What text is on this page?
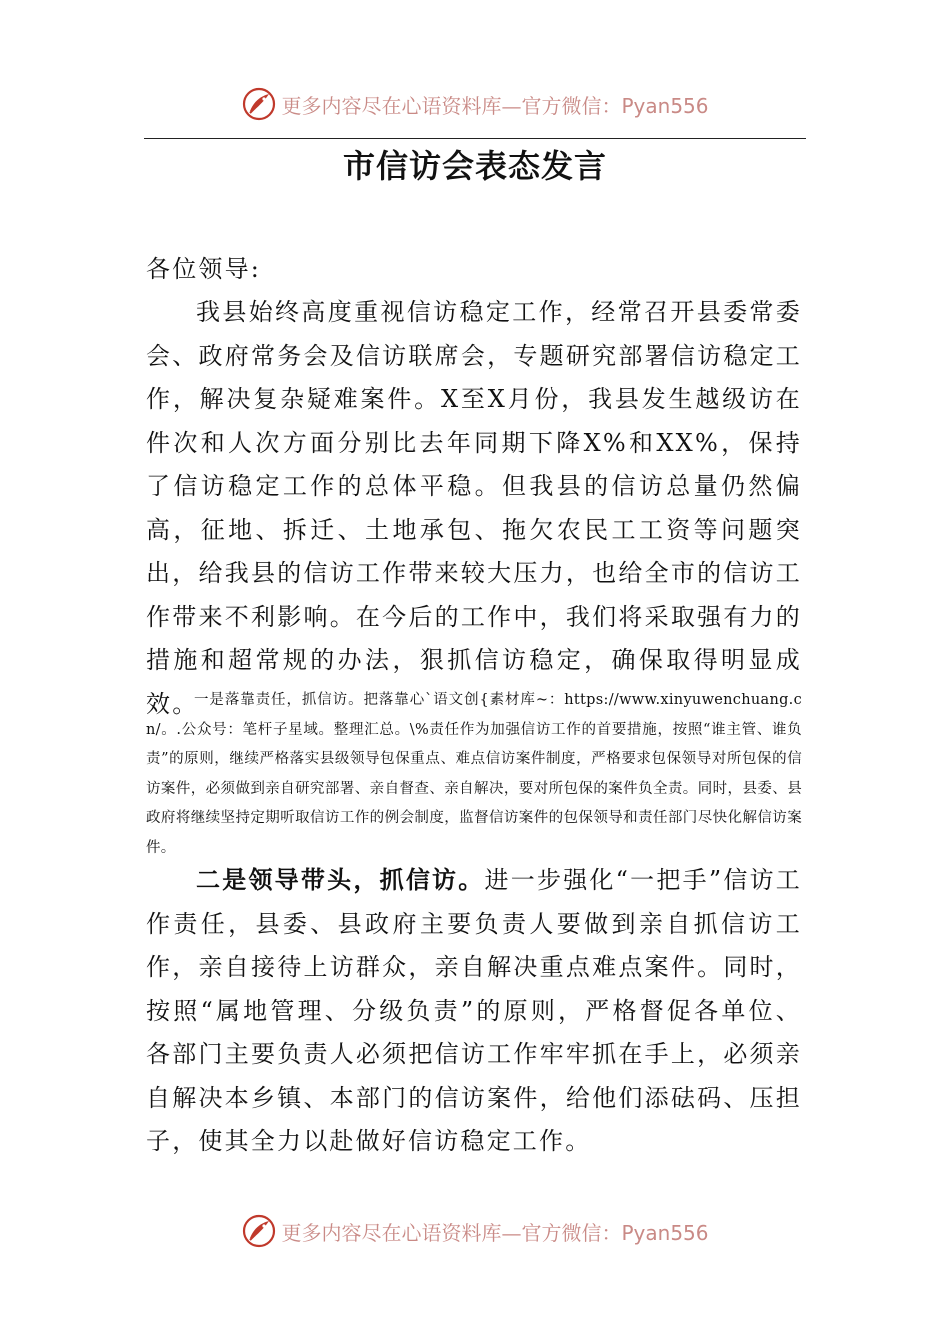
更多内容尽在心语资料库—官方微信：Pyan556
市信访会表态发言
各位领导:
我县始终高度重视信访稳定工作，经常召开县委常委会、政府常务会及信访联席会，专题研究部署信访稳定工作，解决复杂疑难案件。X至X月份，我县发生越级访在件次和人次方面分别比去年同期下降X%和XX%，保持了信访稳定工作的总体平稳。但我县的信访总量仍然偏高，征地、拆迁、土地承包、拖欠农民工工资等问题突出，给我县的信访工作带来较大压力，也给全市的信访工作带来不利影响。在今后的工作中，我们将采取强有力的措施和超常规的办法，狠抓信访稳定，确保取得明显成效。
一是落靠责任，抓信访。把落靠心`语文创{素材库~：https://www.xinyuwenchuang.cn/。.公众号：笔杆子星域。整理汇总。\%责任作为加强信访工作的首要措施，按照“谁主管、谁负责”的原则，继续严格落实县级领导包保重点、难点信访案件制度，严格要求包保领导对所包保的信访案件，必须做到亲自研究部署、亲自督查、亲自解决，要对所包保的案件负全责。同时，县委、县政府将继续坚持定期听取信访工作的例会制度，监督信访案件的包保领导和责任部门尽快化解信访案件。
二是领导带头，抓信访。进一步强化“一把手”信访工作责任，县委、县政府主要负责人要做到亲自抓信访工作，亲自接待上访群众，亲自解决重点难点案件。同时，按照“属地管理、分级负责”的原则，严格督促各单位、各部门主要负责人必须把信访工作牢牢抓在手上，必须亲自解决本乡镇、本部门的信访案件，给他们添砝码、压担子，使其全力以赴做好信访稳定工作。
更多内容尽在心语资料库—官方微信：Pyan556
